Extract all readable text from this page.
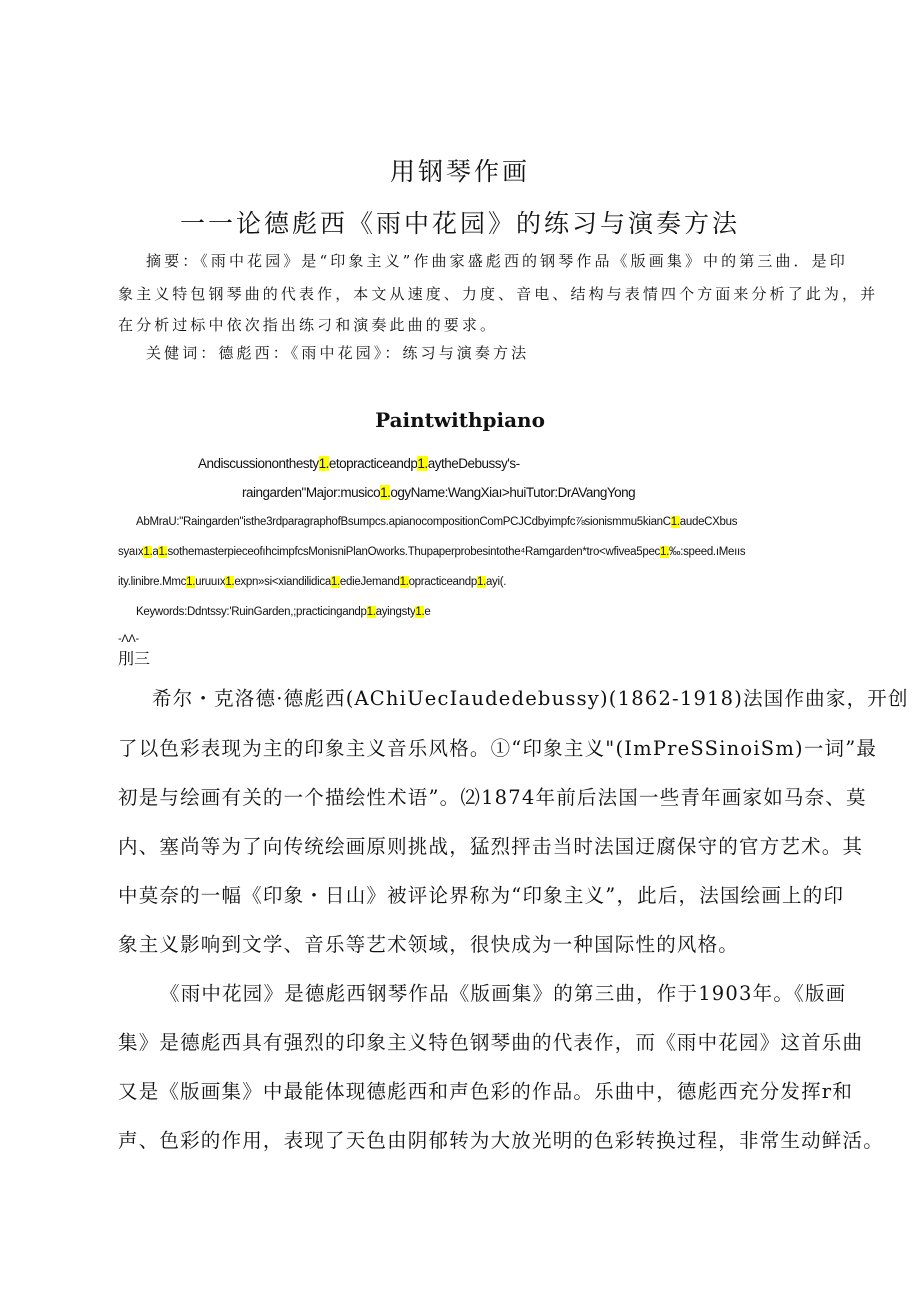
用钢琴作画
一一论德彪西《雨中花园》的练习与演奏方法
摘要：《雨中花园》是“印象主义”作曲家盛彪西的钢琴作品《版画集》中的第三曲．是印
象主义特包钢琴曲的代表作，本文从速度、力度、音电、结构与表情四个方面来分析了此为，并
在分析过标中依次指出练刁和演奏此曲的要求。
关健词：德彪西：《雨中花园》：练习与演奏方法
Paintwithpiano
Andiscussiononthesty1.etopracticeandp1.aytheDebussy's-
raingarden"Major:musico1.ogyName:WangXiaı>huiTutor:DrAVangYong
AbMraU:"Raingarden"isthe3rdparagraphofBsumpcs.apianocompositionComPCJCdbyimpfc⅞sionismmu5kianC1.audeCXbus
syaıx1.a1.sothemasterpieceofıhcimpfcsMonisniPlanOworks.Thupaperprobesintothe⁴Ramgarden*tro<wfivea5pec1.‰:speed.ıMeııs
ity.linibre.Mmc1.uruuıx1.expn»si<xiandilidica1.edieJemand1.opracticeandp1.ayi(.
Keywords:Ddntssy:'RuinGarden,;practicingandp1.ayingsty1.e
-ΛΛ-
刖三
希尔・克洛德·德彪西(AChiUecIaudedebussy)(1862-1918)法国作曲家，开创
了以色彩表现为主的印象主义音乐风格。①“印象主义"(ImPreSSinoiSm)一词”最
初是与绘画有关的一个描绘性术语”。⑵1874年前后法国一些青年画家如马奈、莫
内、塞尚等为了向传统绘画原则挑战，猛烈抨击当时法国迂腐保守的官方艺术。其
中莫奈的一幅《印象・日山》被评论界称为“印象主义”，此后，法国绘画上的印
象主义影响到文学、音乐等艺术领域，很快成为一种国际性的风格。
《雨中花园》是德彪西钢琴作品《版画集》的第三曲，作于1903年。《版画
集》是德彪西具有强烈的印象主义特色钢琴曲的代表作，而《雨中花园》这首乐曲
又是《版画集》中最能体现德彪西和声色彩的作品。乐曲中，德彪西充分发挥r和
声、色彩的作用，表现了天色由阴郁转为大放光明的色彩转换过程，非常生动鲜活。
